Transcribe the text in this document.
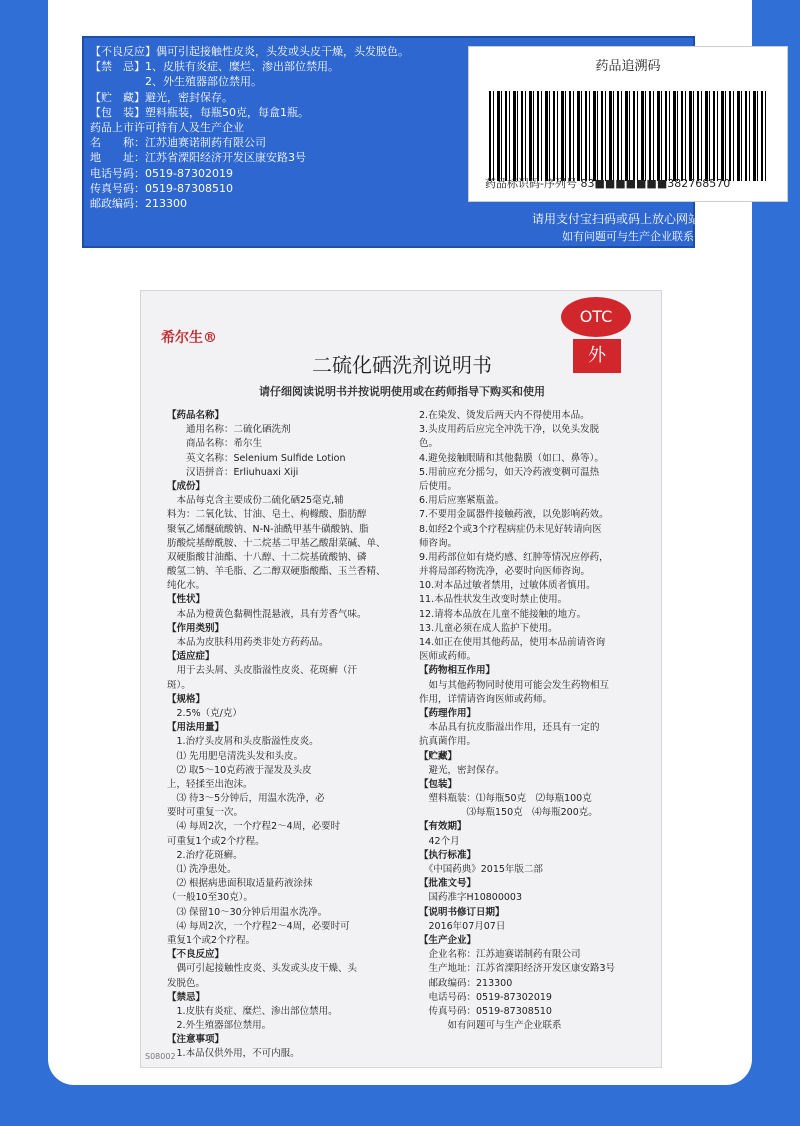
【不良反应】偶可引起接触性皮炎，头发或头皮干燥，头发脱色。
【禁　忌】1、皮肤有炎症、糜烂、渗出部位禁用。
　　　　　2、外生殖器部位禁用。
【贮　藏】避光，密封保存。
【包　装】塑料瓶装，每瓶50克，每盒1瓶。
药品上市许可持有人及生产企业
名　　称：江苏迪赛诺制药有限公司
地　　址：江苏省溧阳经济开发区康安路3号
电话号码：0519-87302019
传真号码：0519-87308510
邮政编码：213300
药品追溯码
药品标识码-序列号 83■■■■■■■382768570
请用支付宝扫码或码上放心网站查询
如有问题可与生产企业联系
希尔生®
OTC
外
二硫化硒洗剂说明书
请仔细阅读说明书并按说明使用或在药师指导下购买和使用
【药品名称】
　　通用名称：二硫化硒洗剂
　　商品名称：希尔生
　　英文名称：Selenium Sulfide Lotion
　　汉语拼音：Erliuhuaxi Xiji
【成份】
　本品每克含主要成份二硫化硒25毫克,辅
料为：二氧化钛、甘油、皂土、枸橼酸、脂肪醇
聚氧乙烯醚硫酸钠、N-N-油酰甲基牛磺酸钠、脂
肪酸烷基醇酰胺、十二烷基二甲基乙酸甜菜碱、单、
双硬脂酸甘油酯、十八醇、十二烷基硫酸钠、磷
酸氢二钠、羊毛脂、乙二醇双硬脂酸酯、玉兰香精、
纯化水。
【性状】
　本品为橙黄色黏稠性混悬液，具有芳香气味。
【作用类别】
　本品为皮肤科用药类非处方药药品。
【适应症】
　用于去头屑、头皮脂溢性皮炎、花斑癣（汗
斑）。
【规格】
　2.5%（克/克）
【用法用量】
　1.治疗头皮屑和头皮脂溢性皮炎。
　⑴ 先用肥皂清洗头发和头皮。
　⑵ 取5～10克药液于湿发及头皮
上，轻揉至出泡沫。
　⑶ 待3～5分钟后，用温水洗净，必
要时可重复一次。
　⑷ 每周2次，一个疗程2～4周，必要时
可重复1个或2个疗程。
　2.治疗花斑癣。
　⑴ 洗净患处。
　⑵ 根据病患面积取适量药液涂抹
（一般10至30克）。
　⑶ 保留10～30分钟后用温水洗净。
　⑷ 每周2次，一个疗程2～4周，必要时可
重复1个或2个疗程。
【不良反应】
　偶可引起接触性皮炎、头发或头皮干燥、头
发脱色。
【禁忌】
　1.皮肤有炎症、糜烂、渗出部位禁用。
　2.外生殖器部位禁用。
【注意事项】
　1.本品仅供外用，不可内服。
2.在染发、烫发后两天内不得使用本品。
3.头皮用药后应完全冲洗干净，以免头发脱
色。
4.避免接触眼睛和其他黏膜（如口、鼻等）。
5.用前应充分摇匀，如天冷药液变稠可温热
后使用。
6.用后应塞紧瓶盖。
7.不要用金属器件接触药液，以免影响药效。
8.如经2个或3个疗程病症仍未见好转请向医
师咨询。
9.用药部位如有烧灼感、红肿等情况应停药，
并将局部药物洗净，必要时向医师咨询。
10.对本品过敏者禁用，过敏体质者慎用。
11.本品性状发生改变时禁止使用。
12.请将本品放在儿童不能接触的地方。
13.儿童必须在成人监护下使用。
14.如正在使用其他药品，使用本品前请咨询
医师或药师。
【药物相互作用】
　如与其他药物同时使用可能会发生药物相互
作用，详情请咨询医师或药师。
【药理作用】
　本品具有抗皮脂溢出作用，还具有一定的
抗真菌作用。
【贮藏】
　避光，密封保存。
【包装】
　塑料瓶装：⑴每瓶50克　⑵每瓶100克
　　　　　⑶每瓶150克　⑷每瓶200克。
【有效期】
　42个月
【执行标准】
　《中国药典》2015年版二部
【批准文号】
　国药准字H10800003
【说明书修订日期】
　2016年07月07日
【生产企业】
　企业名称：江苏迪赛诺制药有限公司
　生产地址：江苏省溧阳经济开发区康安路3号
　邮政编码：213300
　电话号码：0519-87302019
　传真号码：0519-87308510
　　　如有问题可与生产企业联系
S08002
